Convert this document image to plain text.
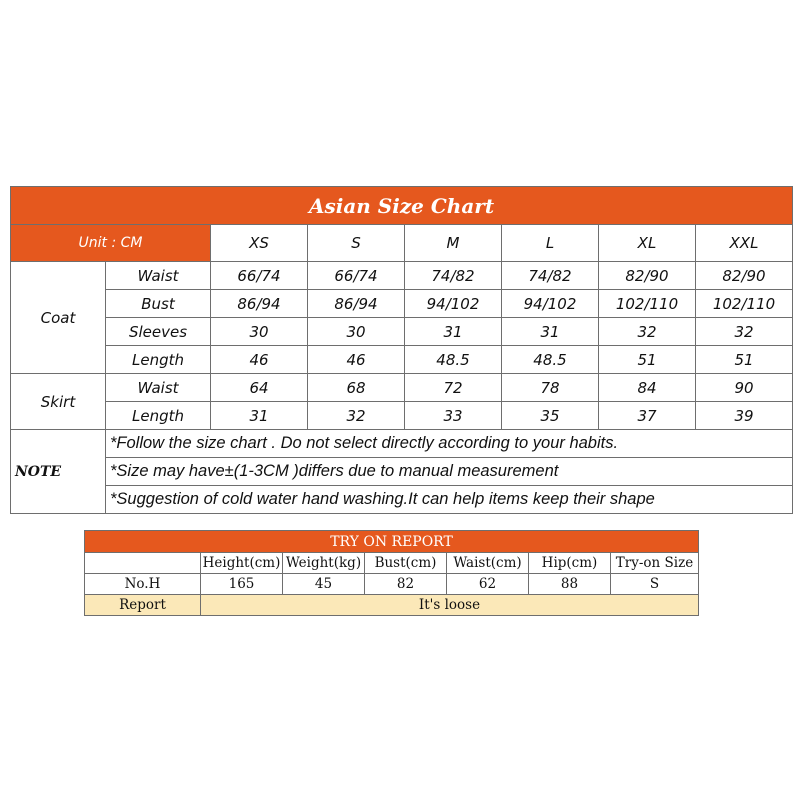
Asian Size Chart							
Unit : CM		XS	S	M	L	XL	XXL
Coat	Waist	66/74	66/74	74/82	74/82	82/90	82/90
	Bust	86/94	86/94	94/102	94/102	102/110	102/110
	Sleeves	30	30	31	31	32	32
	Length	46	46	48.5	48.5	51	51
Skirt	Waist	64	68	72	78	84	90
	Length	31	32	33	35	37	39
NOTE	*Follow the size chart . Do not select directly according to your habits.						
	*Size may have±(1-3CM )differs due to manual measurement						
	*Suggestion of cold water hand washing.It can help items keep their shape						
TRY ON REPORT						
	Height(cm)	Weight(kg)	Bust(cm)	Waist(cm)	Hip(cm)	Try-on Size
No.H	165	45	82	62	88	S
Report	It's loose					
